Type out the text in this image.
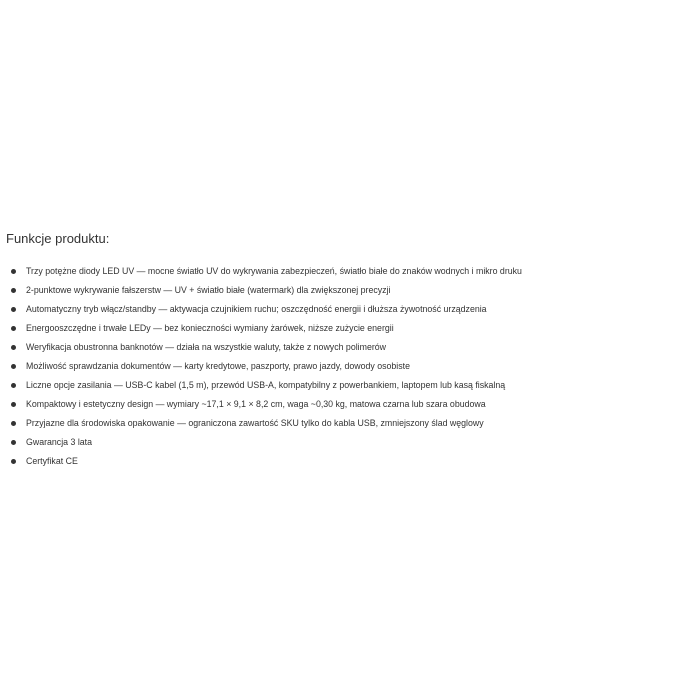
Funkcje produktu:
Trzy potężne diody LED UV — mocne światło UV do wykrywania zabezpieczeń, światło białe do znaków wodnych i mikro druku
2-punktowe wykrywanie fałszerstw — UV + światło białe (watermark) dla zwiększonej precyzji
Automatyczny tryb włącz/standby — aktywacja czujnikiem ruchu; oszczędność energii i dłuższa żywotność urządzenia
Energooszczędne i trwałe LEDy — bez konieczności wymiany żarówek, niższe zużycie energii
Weryfikacja obustronna banknotów — działa na wszystkie waluty, także z nowych polimerów
Możliwość sprawdzania dokumentów — karty kredytowe, paszporty, prawo jazdy, dowody osobiste
Liczne opcje zasilania — USB-C kabel (1,5 m), przewód USB-A, kompatybilny z powerbankiem, laptopem lub kasą fiskalną
Kompaktowy i estetyczny design — wymiary ~17,1 × 9,1 × 8,2 cm, waga ~0,30 kg, matowa czarna lub szara obudowa
Przyjazne dla środowiska opakowanie — ograniczona zawartość SKU tylko do kabla USB, zmniejszony ślad węglowy
Gwarancja 3 lata
Certyfikat CE
